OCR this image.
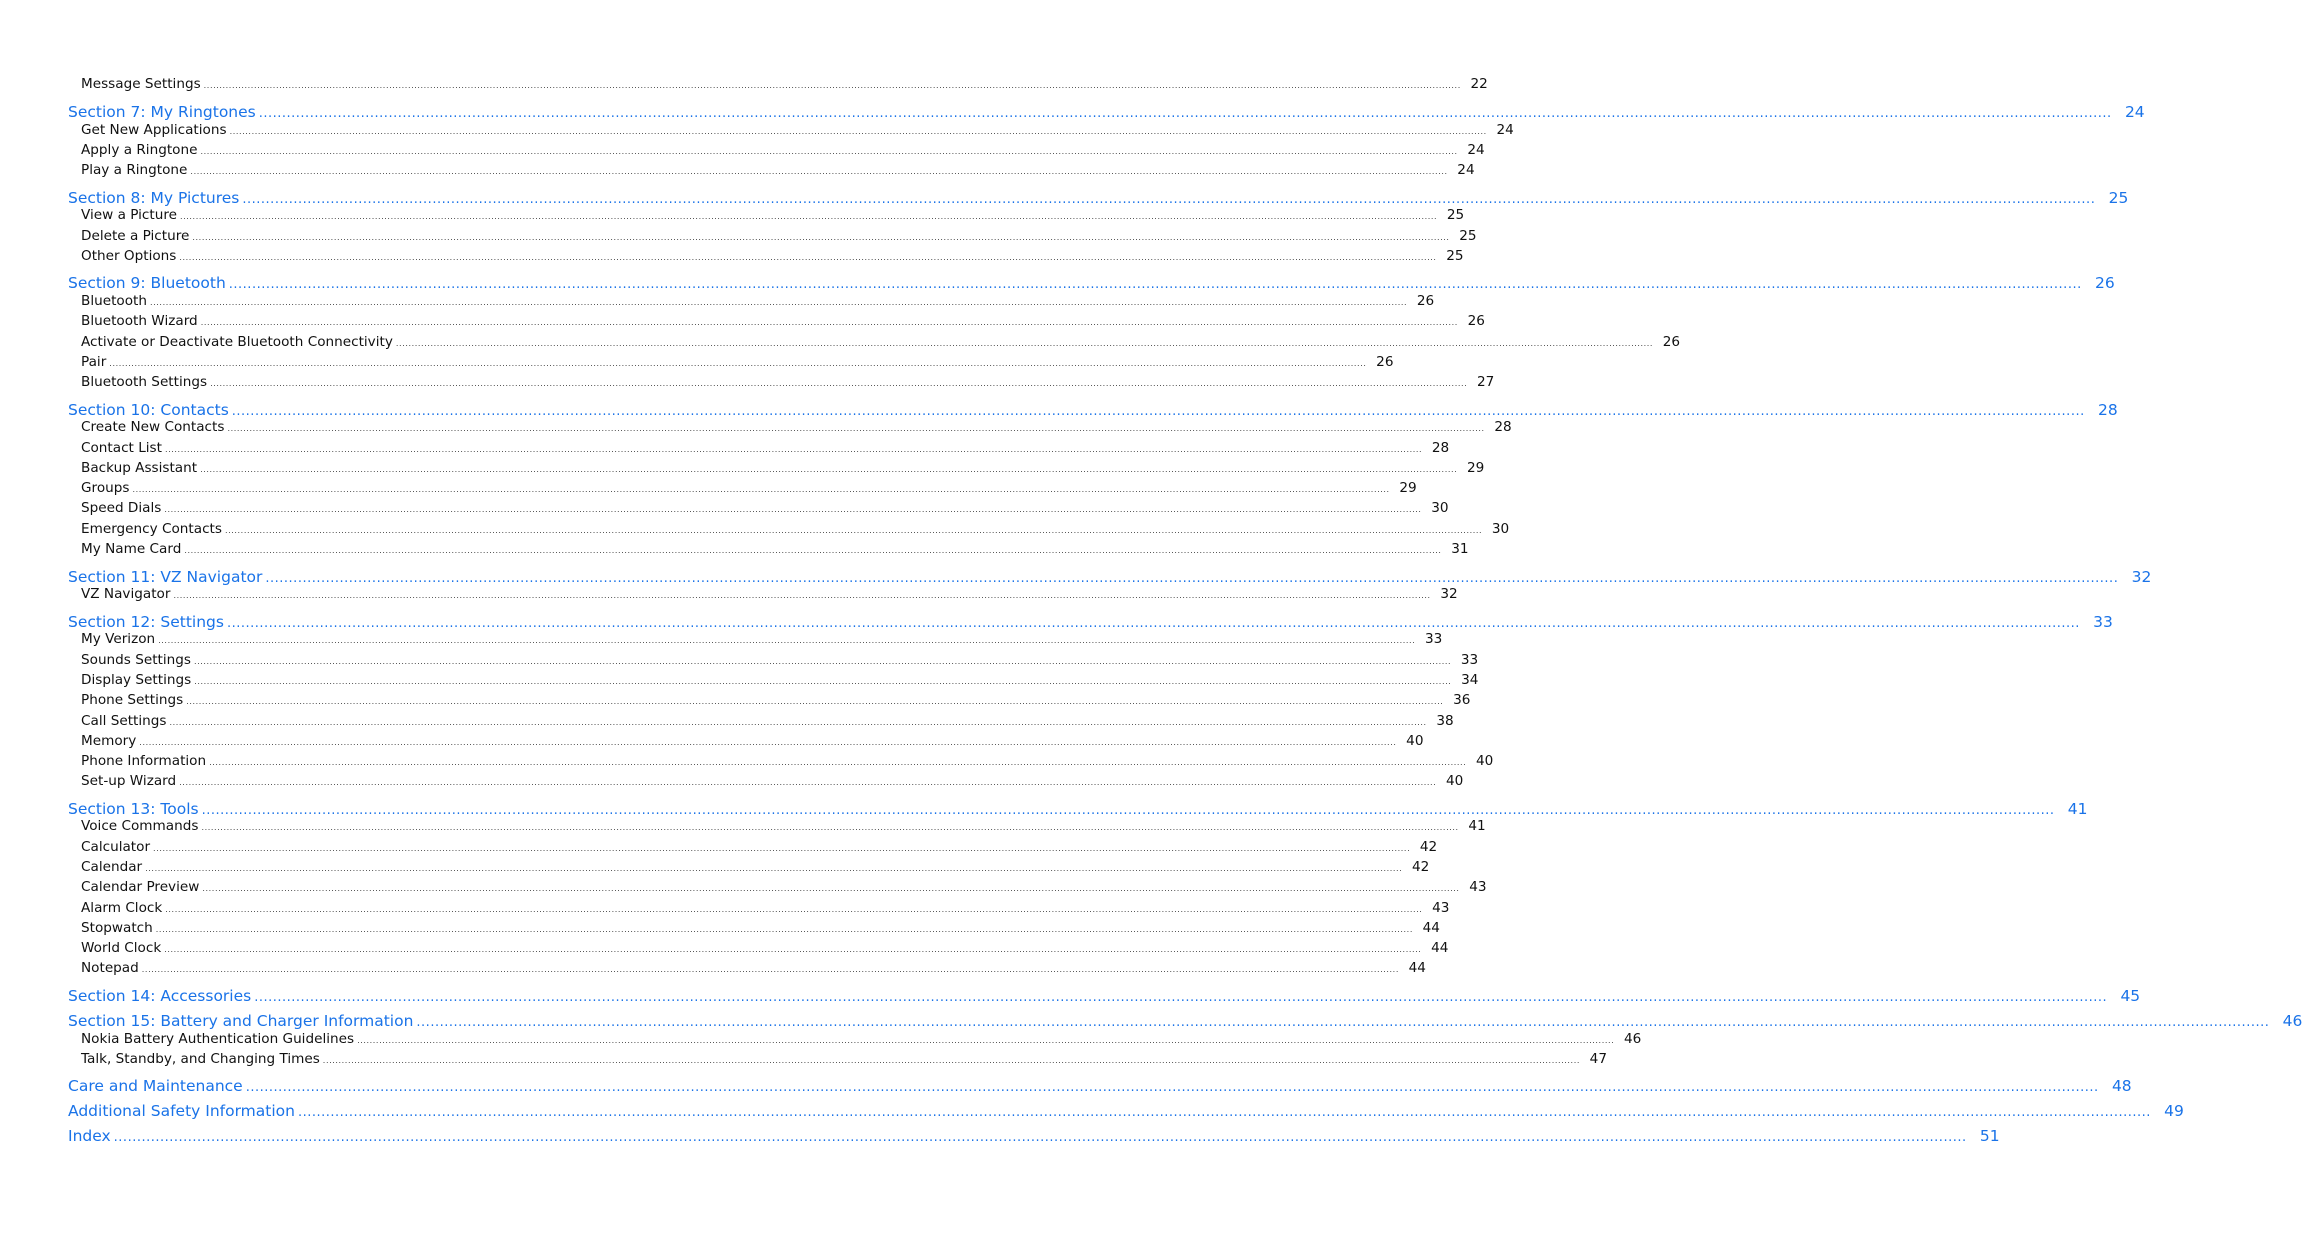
Message Settings ................................................................................................................................................................................................................................................................................................................................................................................................................ 22
Section 7: My Ringtones ................................................................................................................................................................................................................................................................................................................................................................................................................ 24
Get New Applications ................................................................................................................................................................................................................................................................................................................................................................................................................ 24
Apply a Ringtone ................................................................................................................................................................................................................................................................................................................................................................................................................ 24
Play a Ringtone ................................................................................................................................................................................................................................................................................................................................................................................................................ 24
Section 8: My Pictures ................................................................................................................................................................................................................................................................................................................................................................................................................ 25
View a Picture ................................................................................................................................................................................................................................................................................................................................................................................................................ 25
Delete a Picture ................................................................................................................................................................................................................................................................................................................................................................................................................ 25
Other Options ................................................................................................................................................................................................................................................................................................................................................................................................................ 25
Section 9: Bluetooth ................................................................................................................................................................................................................................................................................................................................................................................................................ 26
Bluetooth ................................................................................................................................................................................................................................................................................................................................................................................................................ 26
Bluetooth Wizard ................................................................................................................................................................................................................................................................................................................................................................................................................ 26
Activate or Deactivate Bluetooth Connectivity ................................................................................................................................................................................................................................................................................................................................................................................................................ 26
Pair ................................................................................................................................................................................................................................................................................................................................................................................................................ 26
Bluetooth Settings ................................................................................................................................................................................................................................................................................................................................................................................................................ 27
Section 10: Contacts ................................................................................................................................................................................................................................................................................................................................................................................................................ 28
Create New Contacts ................................................................................................................................................................................................................................................................................................................................................................................................................ 28
Contact List ................................................................................................................................................................................................................................................................................................................................................................................................................ 28
Backup Assistant ................................................................................................................................................................................................................................................................................................................................................................................................................ 29
Groups ................................................................................................................................................................................................................................................................................................................................................................................................................ 29
Speed Dials ................................................................................................................................................................................................................................................................................................................................................................................................................ 30
Emergency Contacts ................................................................................................................................................................................................................................................................................................................................................................................................................ 30
My Name Card ................................................................................................................................................................................................................................................................................................................................................................................................................ 31
Section 11: VZ Navigator ................................................................................................................................................................................................................................................................................................................................................................................................................ 32
VZ Navigator ................................................................................................................................................................................................................................................................................................................................................................................................................ 32
Section 12: Settings ................................................................................................................................................................................................................................................................................................................................................................................................................ 33
My Verizon ................................................................................................................................................................................................................................................................................................................................................................................................................ 33
Sounds Settings ................................................................................................................................................................................................................................................................................................................................................................................................................ 33
Display Settings ................................................................................................................................................................................................................................................................................................................................................................................................................ 34
Phone Settings ................................................................................................................................................................................................................................................................................................................................................................................................................ 36
Call Settings ................................................................................................................................................................................................................................................................................................................................................................................................................ 38
Memory ................................................................................................................................................................................................................................................................................................................................................................................................................ 40
Phone Information ................................................................................................................................................................................................................................................................................................................................................................................................................ 40
Set-up Wizard ................................................................................................................................................................................................................................................................................................................................................................................................................ 40
Section 13: Tools ................................................................................................................................................................................................................................................................................................................................................................................................................ 41
Voice Commands ................................................................................................................................................................................................................................................................................................................................................................................................................ 41
Calculator ................................................................................................................................................................................................................................................................................................................................................................................................................ 42
Calendar ................................................................................................................................................................................................................................................................................................................................................................................................................ 42
Calendar Preview ................................................................................................................................................................................................................................................................................................................................................................................................................ 43
Alarm Clock ................................................................................................................................................................................................................................................................................................................................................................................................................ 43
Stopwatch ................................................................................................................................................................................................................................................................................................................................................................................................................ 44
World Clock ................................................................................................................................................................................................................................................................................................................................................................................................................ 44
Notepad ................................................................................................................................................................................................................................................................................................................................................................................................................ 44
Section 14: Accessories ................................................................................................................................................................................................................................................................................................................................................................................................................ 45
Section 15: Battery and Charger Information ................................................................................................................................................................................................................................................................................................................................................................................................................ 46
Nokia Battery Authentication Guidelines ................................................................................................................................................................................................................................................................................................................................................................................................................ 46
Talk, Standby, and Changing Times ................................................................................................................................................................................................................................................................................................................................................................................................................ 47
Care and Maintenance ................................................................................................................................................................................................................................................................................................................................................................................................................ 48
Additional Safety Information ................................................................................................................................................................................................................................................................................................................................................................................................................ 49
Index ................................................................................................................................................................................................................................................................................................................................................................................................................ 51
